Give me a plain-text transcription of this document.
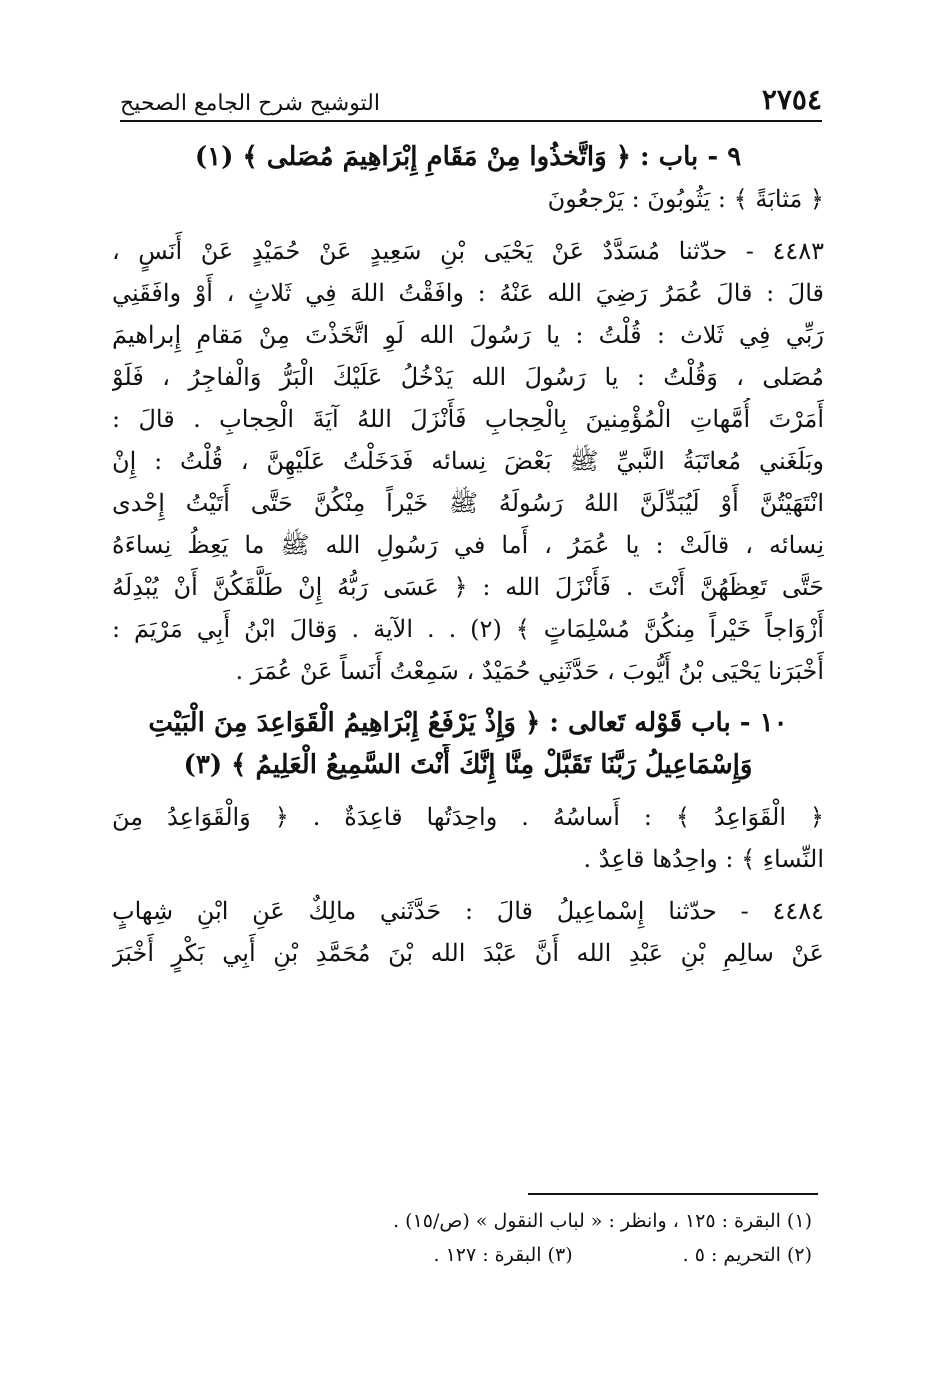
٢٧٥٤
التوشيح شرح الجامع الصحيح
٩ - باب : ﴿ وَاتَّخذُوا مِنْ مَقَامِ إِبْرَاهِيمَ مُصَلى ﴾ (١)
﴿ مَثابَةً ﴾ : يَثُوبُونَ : يَرْجعُونَ
٤٤٨٣ - حدّثنا مُسَدَّدٌ عَنْ يَحْيَى بْنِ سَعِيدٍ عَنْ حُمَيْدٍ عَنْ أَنَسٍ ،
قالَ : قالَ عُمَرُ رَضِيَ الله عَنْهُ : وافَقْتُ اللهَ فِي ثَلاثٍ ، أَوْ وافَقَنِي
رَبِّي فِي ثَلاث : قُلْتُ : يا رَسُولَ الله لَوِ اتَّخَذْتَ مِنْ مَقامِ إِبراهيمَ
مُصَلى ، وَقُلْتُ : يا رَسُولَ الله يَدْخُلُ عَلَيْكَ الْبَرُّ وَالْفاجِرُ ، فَلَوْ
أَمَرْتَ أُمَّهاتِ الْمُؤْمِنينَ بِالْحِجابِ فَأَنْزَلَ اللهُ آيَةَ الْحِجابِ . قالَ :
وبَلَغَني مُعاتَبَةُ النَّبيِّ ﷺ بَعْضَ نِسائه فَدَخَلْتُ عَلَيْهِنَّ ، قُلْتُ : إِنْ
انْتَهَيْتُنَّ أَوْ لَيُبَدِّلَنَّ اللهُ رَسُولَهُ ﷺ خَيْراً مِنْكُنَّ حَتَّى أَتَيْتُ إِحْدى
نِسائه ، قالَتْ : يا عُمَرُ ، أَما في رَسُولِ الله ﷺ ما يَعِظُ نِساءَهُ
حَتَّى تَعِظَهُنَّ أَنْتَ . فَأَنْزَلَ الله : ﴿ عَسَى رَبُّهُ إِنْ طَلَّقَكُنَّ أَنْ يُبْدِلَهُ
أَزْوَاجاً خَيْراً مِنكُنَّ مُسْلِمَاتٍ ﴾ (٢) . . الآية . وَقالَ ابْنُ أَبِي مَرْيَمَ :
أَخْبَرَنا يَحْيَى بْنُ أَيُّوبَ ، حَدَّثَنِي حُمَيْدٌ ، سَمِعْتُ أَنَساً عَنْ عُمَرَ .
١٠ - باب قَوْله تَعالى : ﴿ وَإِذْ يَرْفَعُ إِبْرَاهِيمُ الْقَوَاعِدَ مِنَ الْبَيْتِ
وَإِسْمَاعِيلُ رَبَّنَا تَقَبَّلْ مِنَّا إِنَّكَ أَنْتَ السَّمِيعُ الْعَلِيمُ ﴾ (٣)
﴿ الْقَوَاعِدُ ﴾ : أَساسُهُ . واحِدَتُها قاعِدَةٌ . ﴿ وَالْقَوَاعِدُ مِنَ
النِّساءِ ﴾ : واحِدُها قاعِدٌ .
٤٤٨٤ - حدّثنا إِسْماعِيلُ قالَ : حَدَّثَني مالِكٌ عَنِ ابْنِ شِهابٍ
عَنْ سالِمِ بْنِ عَبْدِ الله أَنَّ عَبْدَ الله بْنَ مُحَمَّدِ بْنِ أَبِي بَكْرٍ أَخْبَرَ
(١) البقرة : ١٢٥ ، وانظر : « لباب النقول » (ص/١٥) .
(٢) التحريم : ٥ .
(٣) البقرة : ١٢٧ .
